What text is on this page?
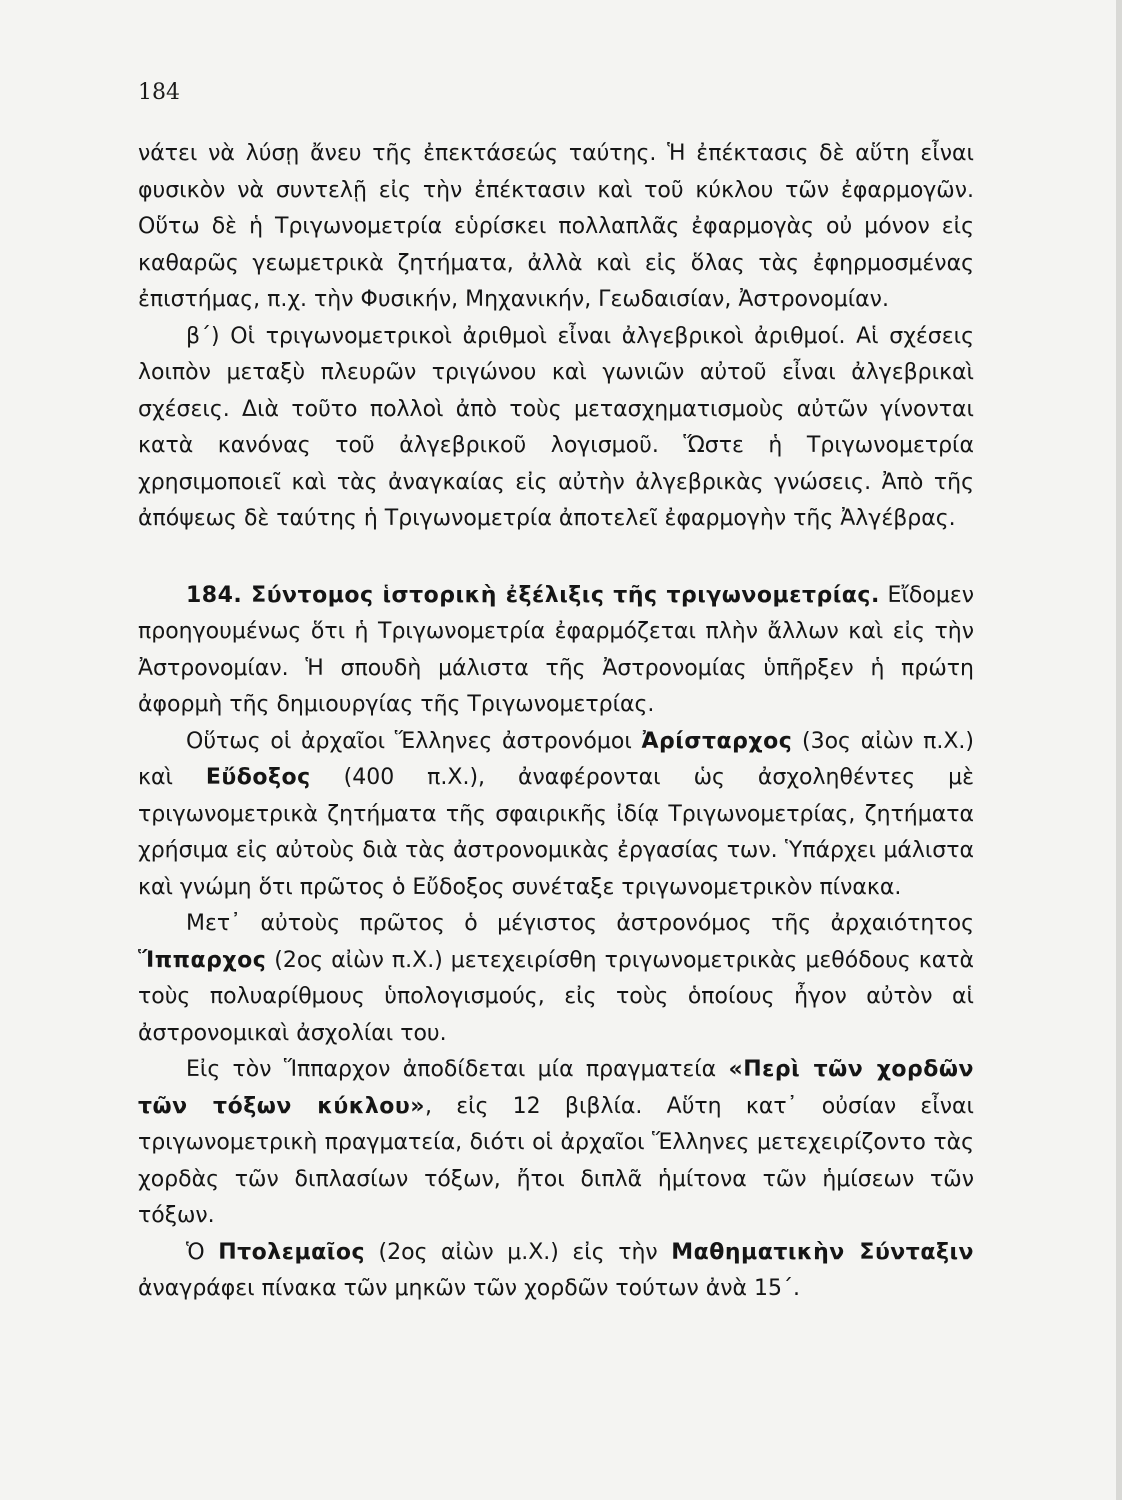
184

νάτει νὰ λύσῃ ἄνευ τῆς ἐπεκτάσεώς ταύτης. Ἡ ἐπέκτασις δὲ αὕτη εἶναι φυσικὸν νὰ συντελῇ εἰς τὴν ἐπέκτασιν καὶ τοῦ κύκλου τῶν ἐφαρμογῶν. Οὕτω δὲ ἡ Τριγωνομετρία εὑρίσκει πολλαπλᾶς ἐφαρμογὰς οὐ μόνον εἰς καθαρῶς γεωμετρικὰ ζητήματα, ἀλλὰ καὶ εἰς ὅλας τὰς ἐφηρμοσμένας ἐπιστήμας, π.χ. τὴν Φυσικήν, Μηχανικήν, Γεωδαισίαν, Ἀστρονομίαν.

β΄) Οἱ τριγωνομετρικοὶ ἀριθμοὶ εἶναι ἀλγεβρικοὶ ἀριθμοί. Αἱ σχέσεις λοιπὸν μεταξὺ πλευρῶν τριγώνου καὶ γωνιῶν αὐτοῦ εἶναι ἀλγεβρικαὶ σχέσεις. Διὰ τοῦτο πολλοὶ ἀπὸ τοὺς μετασχηματισμοὺς αὐτῶν γίνονται κατὰ κανόνας τοῦ ἀλγεβρικοῦ λογισμοῦ. Ὥστε ἡ Τριγωνομετρία χρησιμοποιεῖ καὶ τὰς ἀναγκαίας εἰς αὐτὴν ἀλγεβρικὰς γνώσεις. Ἀπὸ τῆς ἀπόψεως δὲ ταύτης ἡ Τριγωνομετρία ἀποτελεῖ ἐφαρμογὴν τῆς Ἀλγέβρας.

184. Σύντομος ἱστορικὴ ἐξέλιξις τῆς τριγωνομετρίας. Εἴδομεν προηγουμένως ὅτι ἡ Τριγωνομετρία ἐφαρμόζεται πλὴν ἄλλων καὶ εἰς τὴν Ἀστρονομίαν. Ἡ σπουδὴ μάλιστα τῆς Ἀστρονομίας ὑπῆρξεν ἡ πρώτη ἀφορμὴ τῆς δημιουργίας τῆς Τριγωνομετρίας.

Οὕτως οἱ ἀρχαῖοι Ἕλληνες ἀστρονόμοι Ἀρίσταρχος (3ος αἰὼν π.Χ.) καὶ Εὔδοξος (400 π.Χ.), ἀναφέρονται ὡς ἀσχοληθέντες μὲ τριγωνομετρικὰ ζητήματα τῆς σφαιρικῆς ἰδίᾳ Τριγωνομετρίας, ζητήματα χρήσιμα εἰς αὐτοὺς διὰ τὰς ἀστρονομικὰς ἐργασίας των. Ὑπάρχει μάλιστα καὶ γνώμη ὅτι πρῶτος ὁ Εὔδοξος συνέταξε τριγωνομετρικὸν πίνακα.

Μετ᾽ αὐτοὺς πρῶτος ὁ μέγιστος ἀστρονόμος τῆς ἀρχαιότητος Ἵππαρχος (2ος αἰὼν π.Χ.) μετεχειρίσθη τριγωνομετρικὰς μεθόδους κατὰ τοὺς πολυαρίθμους ὑπολογισμούς, εἰς τοὺς ὁποίους ἦγον αὐτὸν αἱ ἀστρονομικαὶ ἀσχολίαι του.

Εἰς τὸν Ἵππαρχον ἀποδίδεται μία πραγματεία «Περὶ τῶν χορδῶν τῶν τόξων κύκλου», εἰς 12 βιβλία. Αὕτη κατ᾽ οὐσίαν εἶναι τριγωνομετρικὴ πραγματεία, διότι οἱ ἀρχαῖοι Ἕλληνες μετεχειρίζοντο τὰς χορδὰς τῶν διπλασίων τόξων, ἤτοι διπλᾶ ἡμίτονα τῶν ἡμίσεων τῶν τόξων.

Ὁ Πτολεμαῖος (2ος αἰὼν μ.Χ.) εἰς τὴν Μαθηματικὴν Σύνταξιν ἀναγράφει πίνακα τῶν μηκῶν τῶν χορδῶν τούτων ἀνὰ 15΄.
